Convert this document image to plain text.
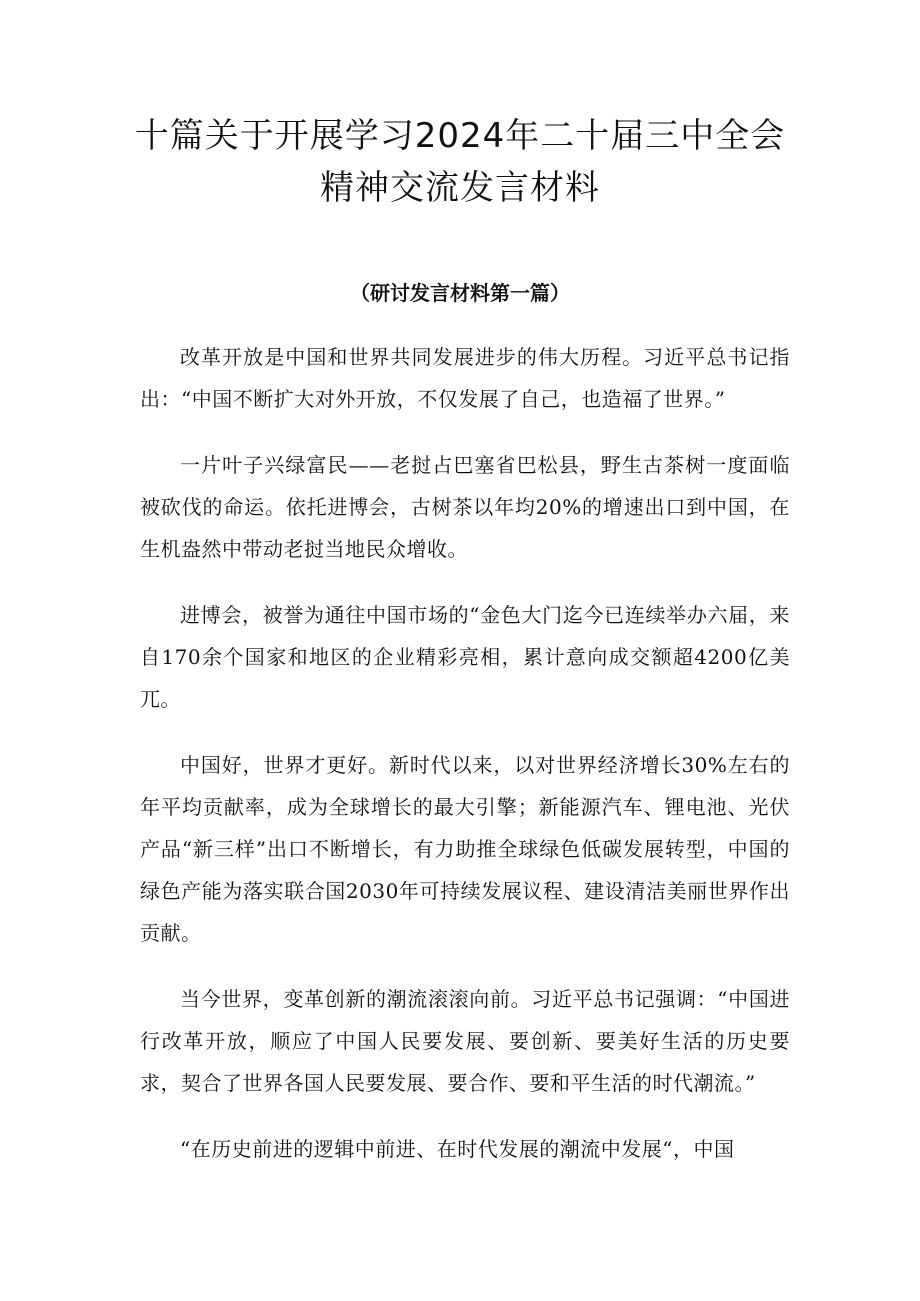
十篇关于开展学习2024年二十届三中全会
精神交流发言材料
（研讨发言材料第一篇）

改革开放是中国和世界共同发展进步的伟大历程。习近平总书记指出：“中国不断扩大对外开放，不仅发展了自己，也造福了世界。”

一片叶子兴绿富民——老挝占巴塞省巴松县，野生古茶树一度面临被砍伐的命运。依托进博会，古树茶以年均20%的增速出口到中国，在生机盎然中带动老挝当地民众增收。

进博会，被誉为通往中国市场的“金色大门迄今已连续举办六届，来自170余个国家和地区的企业精彩亮相，累计意向成交额超4200亿美兀。

中国好，世界才更好。新时代以来，以对世界经济增长30%左右的年平均贡献率，成为全球增长的最大引擎；新能源汽车、锂电池、光伏产品“新三样”出口不断增长，有力助推全球绿色低碳发展转型，中国的绿色产能为落实联合国2030年可持续发展议程、建设清洁美丽世界作出贡献。

当今世界，变革创新的潮流滚滚向前。习近平总书记强调：“中国进行改革开放，顺应了中国人民要发展、要创新、要美好生活的历史要求，契合了世界各国人民要发展、要合作、要和平生活的时代潮流。”

“在历史前进的逻辑中前进、在时代发展的潮流中发展“，中国
